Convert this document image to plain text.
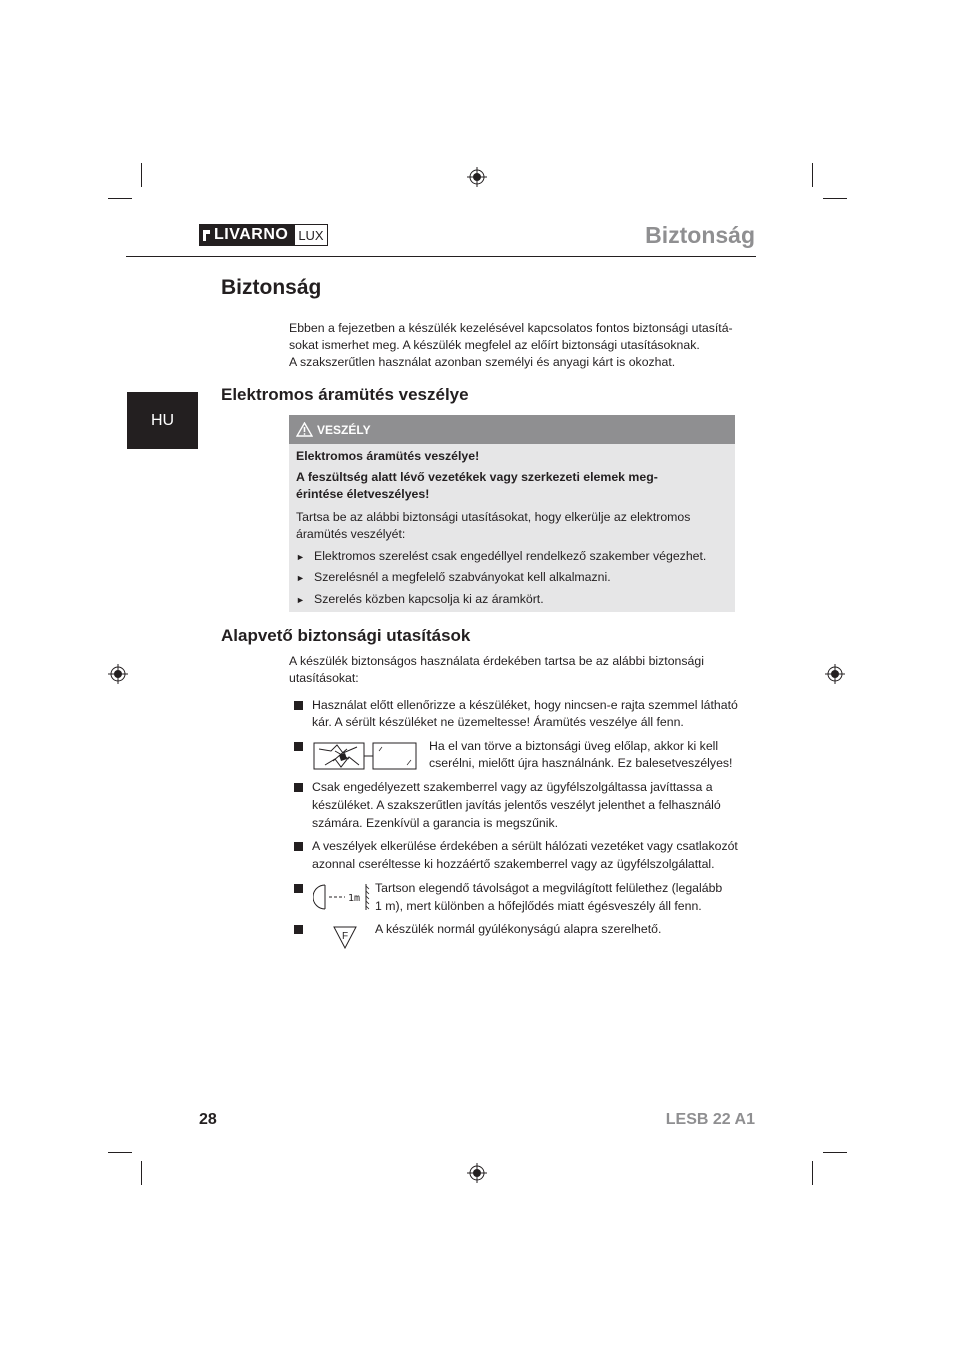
LIVARNO LUX	Biztonság
HU
Biztonság
Ebben a fejezetben a készülék kezelésével kapcsolatos fontos biztonsági utasítá-
sokat ismerhet meg. A készülék megfelel az előírt biztonsági utasításoknak.
A szakszerűtlen használat azonban személyi és anyagi kárt is okozhat.
Elektromos áramütés veszélye
VESZÉLY
Elektromos áramütés veszélye!
A feszültség alatt lévő vezetékek vagy szerkezeti elemek meg-
érintése életveszélyes!
Tartsa be az alábbi biztonsági utasításokat, hogy elkerülje az elektromos
áramütés veszélyét:
► Elektromos szerelést csak engedéllyel rendelkező szakember végezhet.
► Szerelésnél a megfelelő szabványokat kell alkalmazni.
► Szerelés közben kapcsolja ki az áramkört.
Alapvető biztonsági utasítások
A készülék biztonságos használata érdekében tartsa be az alábbi biztonsági
utasításokat:
Használat előtt ellenőrizze a készüléket, hogy nincsen-e rajta szemmel látható
kár. A sérült készüléket ne üzemeltesse! Áramütés veszélye áll fenn.
Ha el van törve a biztonsági üveg előlap, akkor ki kell
cserélni, mielőtt újra használnánk. Ez balesetveszélyes!
Csak engedélyezett szakemberrel vagy az ügyfélszolgáltassa javíttassa a
készüléket. A szakszerűtlen javítás jelentős veszélyt jelenthet a felhasználó
számára. Ezenkívül a garancia is megszűnik.
A veszélyek elkerülése érdekében a sérült hálózati vezetéket vagy csatlakozót
azonnal cseréltesse ki hozzáértő szakemberrel vagy az ügyfélszolgálattal.
1m
Tartson elegendő távolságot a megvilágított felülethez (legalább
1 m), mert különben a hőfejlődés miatt égésveszély áll fenn.
F
A készülék normál gyúlékonyságú alapra szerelhető.
28	LESB 22 A1
